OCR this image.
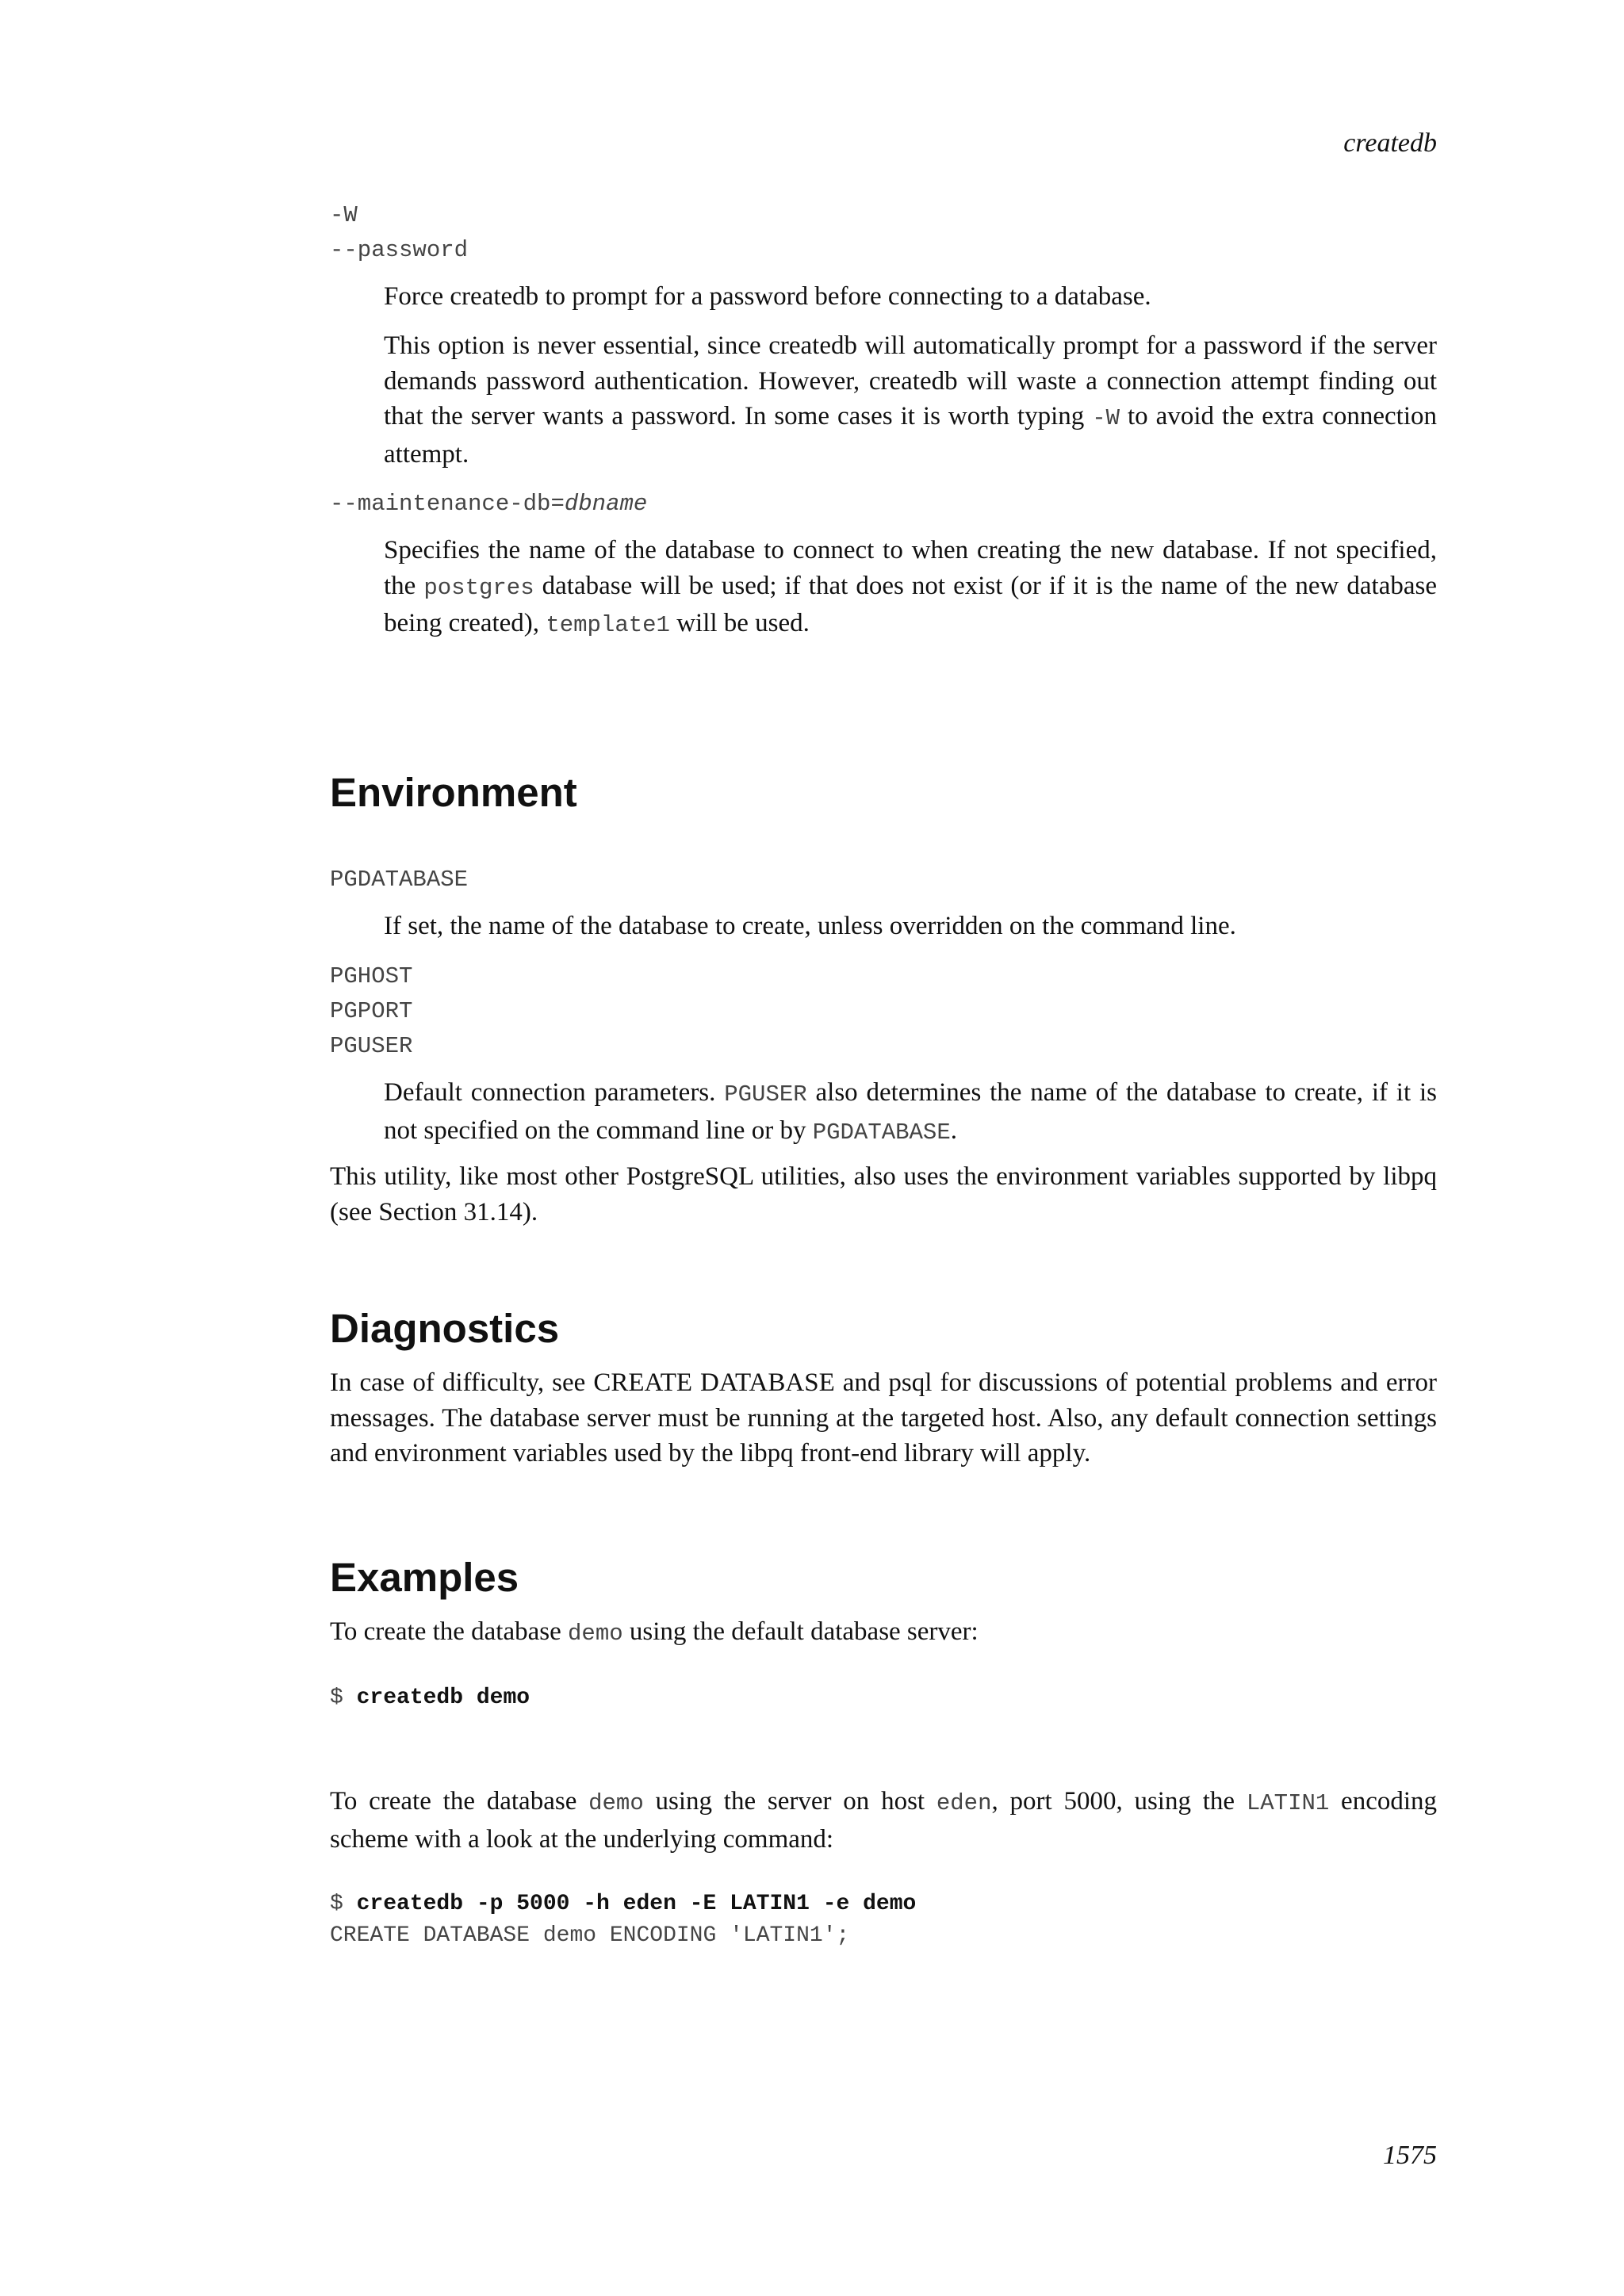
createdb
-W
--password
Force createdb to prompt for a password before connecting to a database.
This option is never essential, since createdb will automatically prompt for a password if the server demands password authentication. However, createdb will waste a connection attempt finding out that the server wants a password. In some cases it is worth typing -W to avoid the extra connection attempt.
--maintenance-db=dbname
Specifies the name of the database to connect to when creating the new database. If not specified, the postgres database will be used; if that does not exist (or if it is the name of the new database being created), template1 will be used.
Environment
PGDATABASE
If set, the name of the database to create, unless overridden on the command line.
PGHOST
PGPORT
PGUSER
Default connection parameters. PGUSER also determines the name of the database to create, if it is not specified on the command line or by PGDATABASE.
This utility, like most other PostgreSQL utilities, also uses the environment variables supported by libpq (see Section 31.14).
Diagnostics
In case of difficulty, see CREATE DATABASE and psql for discussions of potential problems and error messages. The database server must be running at the targeted host. Also, any default connection settings and environment variables used by the libpq front-end library will apply.
Examples
To create the database demo using the default database server:
$ createdb demo
To create the database demo using the server on host eden, port 5000, using the LATIN1 encoding scheme with a look at the underlying command:
$ createdb -p 5000 -h eden -E LATIN1 -e demo
CREATE DATABASE demo ENCODING 'LATIN1';
1575
